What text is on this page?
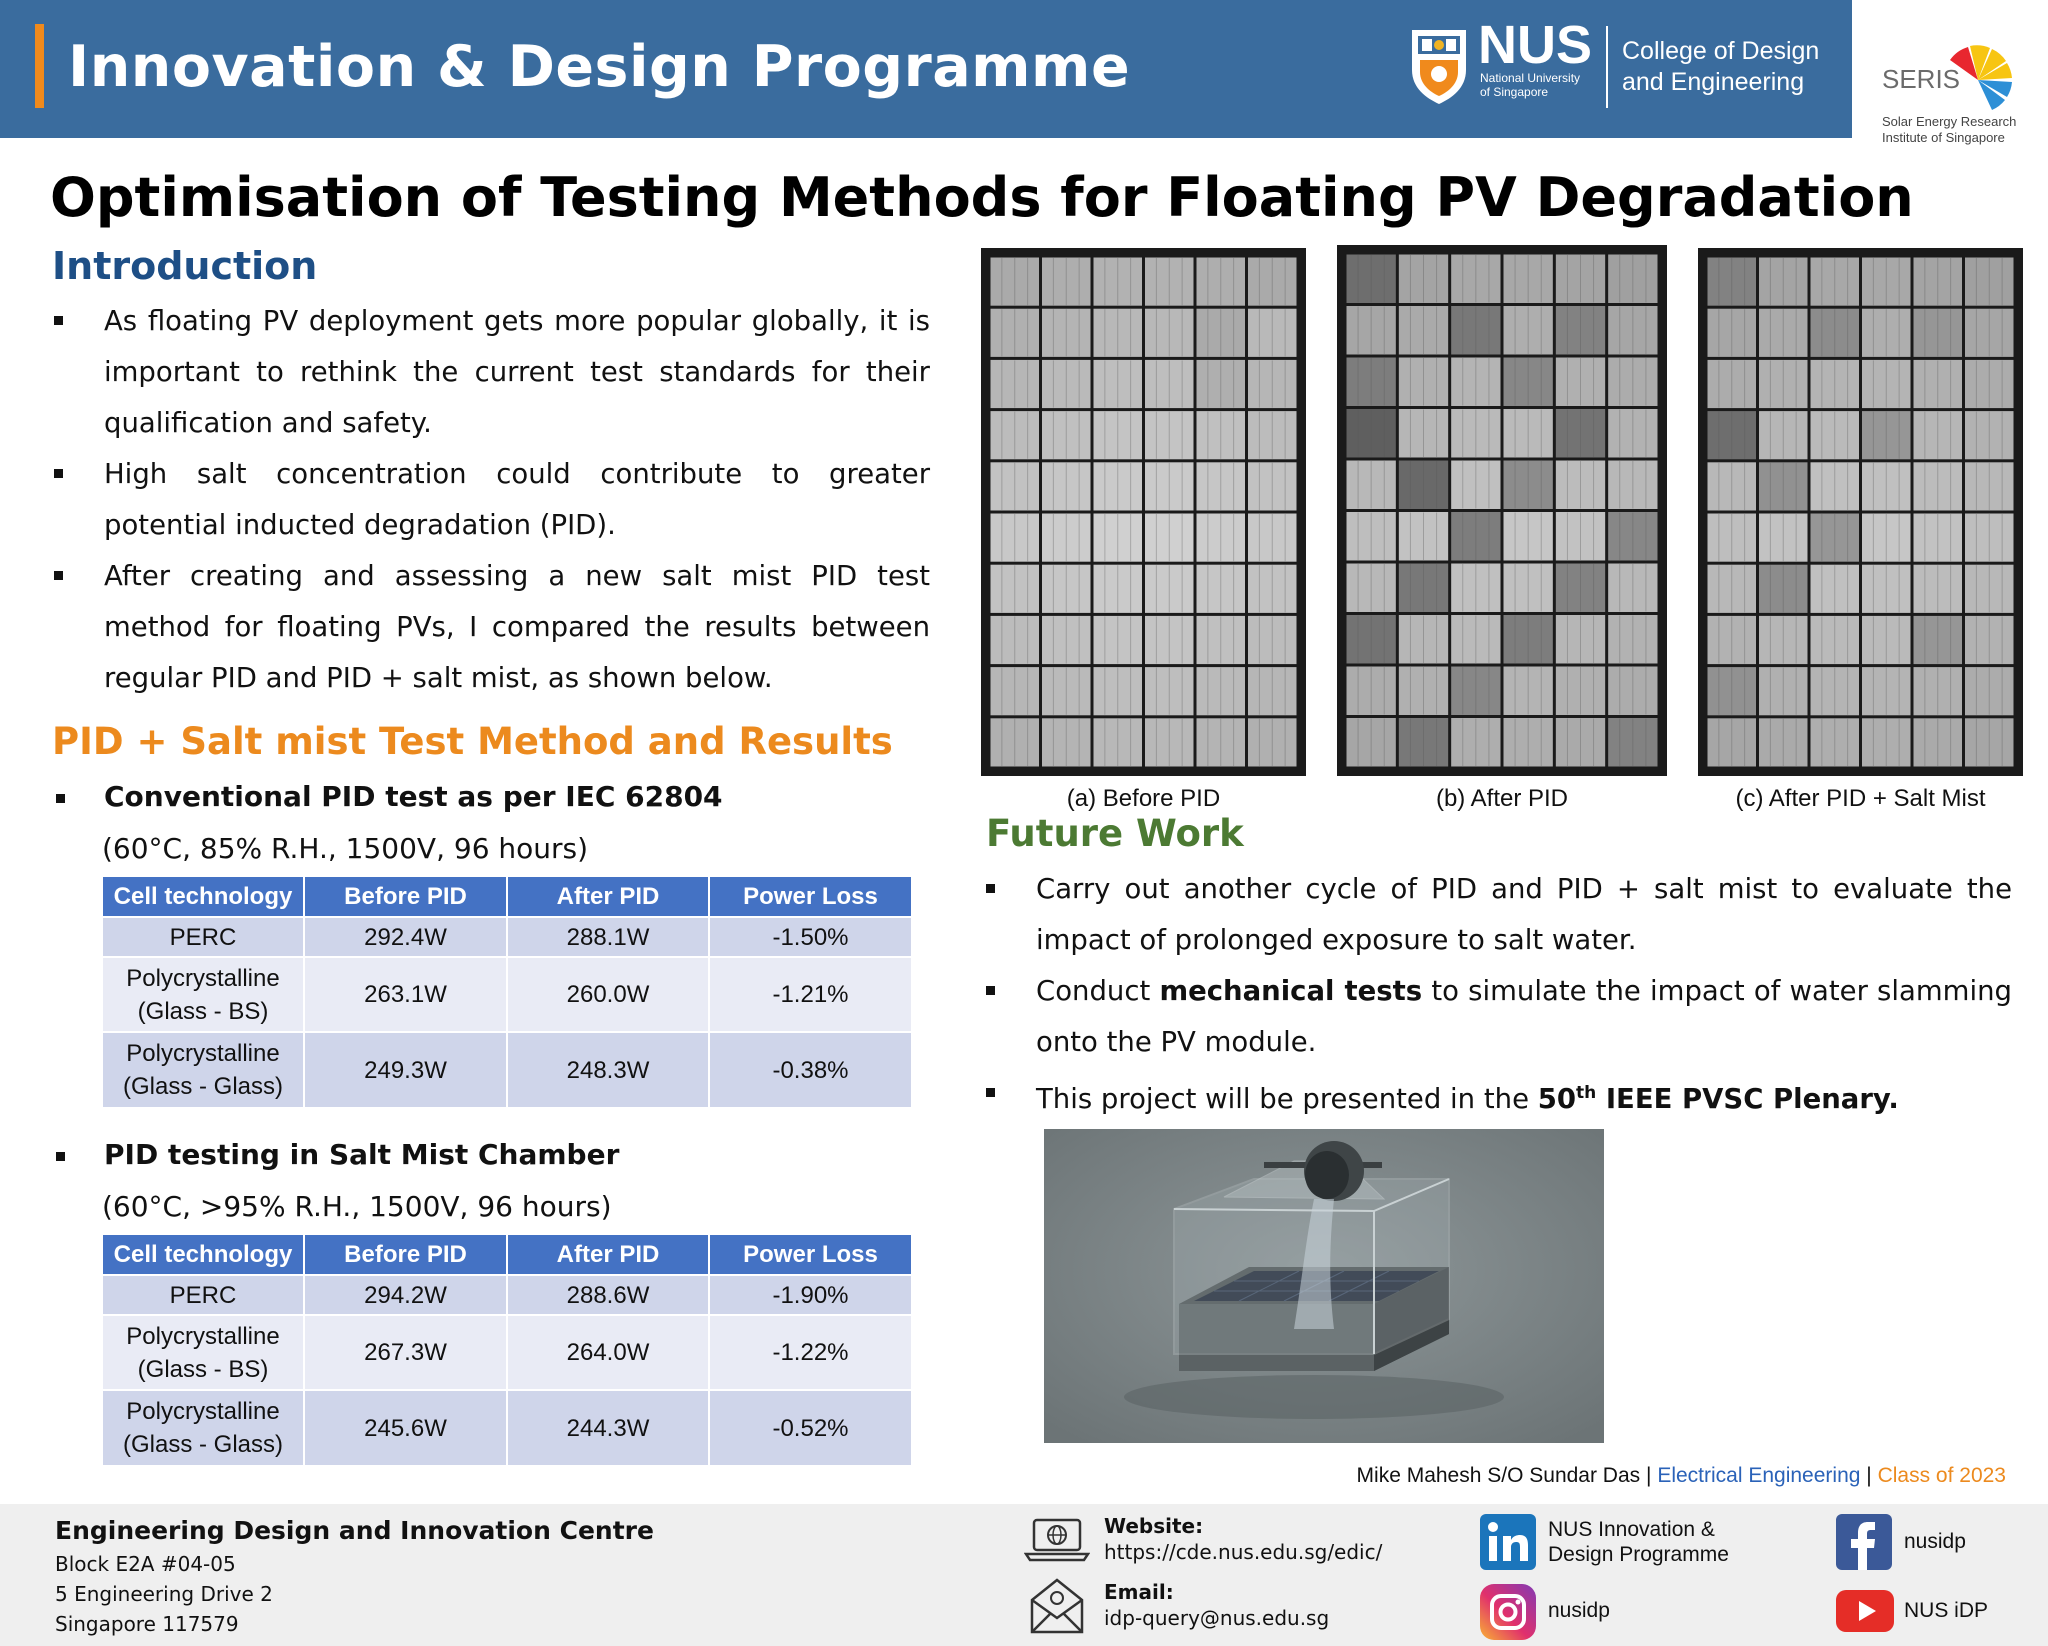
Innovation & Design Programme	NUS
National University
of Singapore
College of Design
and Engineering	SERIS
Solar Energy Research
Institute of Singapore
Optimisation of Testing Methods for Floating PV Degradation
Introduction
As floating PV deployment gets more popular globally, it is important to rethink the current test standards for their qualification and safety.
High salt concentration could contribute to greater potential inducted degradation (PID).
After creating and assessing a new salt mist PID test method for floating PVs, I compared the results between regular PID and PID + salt mist, as shown below.
PID + Salt mist Test Method and Results
Conventional PID test as per IEC 62804
(60°C, 85% R.H., 1500V, 96 hours)
Cell technology	Before PID	After PID	Power Loss
PERC	292.4W	288.1W	-1.50%

Polycrystalline
(Glass - BS)	263.1W	260.0W	-1.21%

Polycrystalline
(Glass - Glass)	249.3W	248.3W	-0.38%
PID testing in Salt Mist Chamber
(60°C, >95% R.H., 1500V, 96 hours)
Cell technology	Before PID	After PID	Power Loss
PERC	294.2W	288.6W	-1.90%

Polycrystalline
(Glass - BS)	267.3W	264.0W	-1.22%

Polycrystalline
(Glass - Glass)	245.6W	244.3W	-0.52%
(a) Before PID	(b) After PID	(c) After PID + Salt Mist
Future Work
Carry out another cycle of PID and PID + salt mist to evaluate the impact of prolonged exposure to salt water.
Conduct mechanical tests to simulate the impact of water slamming onto the PV module.
This project will be presented in the 50th IEEE PVSC Plenary.
Mike Mahesh S/O Sundar Das | Electrical Engineering | Class of 2023
Engineering Design and Innovation Centre
Block E2A #04-05
5 Engineering Drive 2
Singapore 117579
Website:
https://cde.nus.edu.sg/edic/
Email:
idp-query@nus.edu.sg
NUS Innovation &
Design Programme
nusidp
nusidp
NUS iDP
